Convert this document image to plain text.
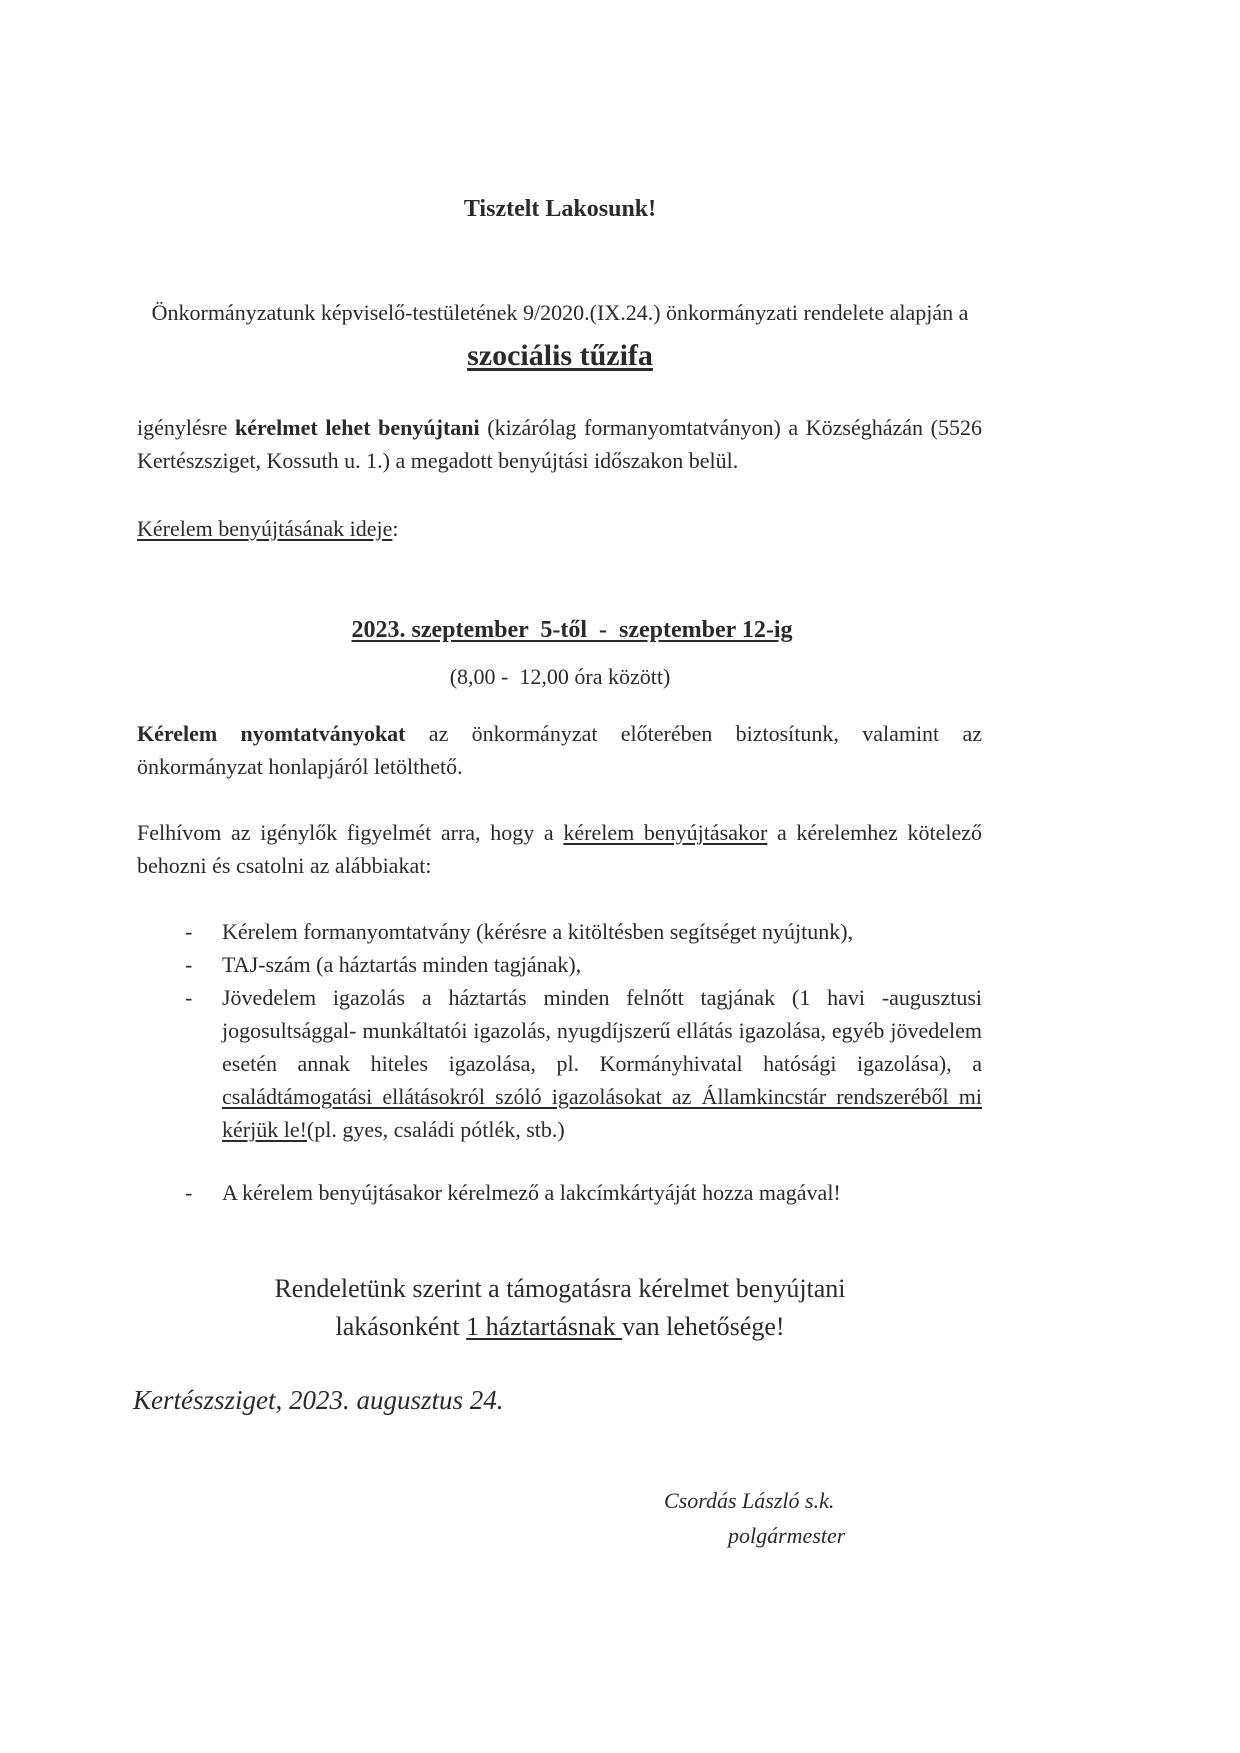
Tisztelt Lakosunk!
Önkormányzatunk képviselő-testületének 9/2020.(IX.24.) önkormányzati rendelete alapján a
szociális tűzifa
igénylésre kérelmet lehet benyújtani (kizárólag formanyomtatványon) a Községházán (5526
Kertészsziget, Kossuth u. 1.) a megadott benyújtási időszakon belül.
Kérelem benyújtásának ideje:

2023. szeptember  5-től  -  szeptember 12-ig

(8,00 -  12,00 óra között)
Kérelem nyomtatványokat az önkormányzat előterében biztosítunk, valamint az
önkormányzat honlapjáról letölthető.
Felhívom az igénylők figyelmét arra, hogy a kérelem benyújtásakor a kérelemhez kötelező
behozni és csatolni az alábbiakat:
- Kérelem formanyomtatvány (kérésre a kitöltésben segítséget nyújtunk),
- TAJ-szám (a háztartás minden tagjának),
- Jövedelem igazolás a háztartás minden felnőtt tagjának (1 havi -augusztusi
jogosultsággal- munkáltatói igazolás, nyugdíjszerű ellátás igazolása, egyéb jövedelem
esetén annak hiteles igazolása, pl. Kormányhivatal hatósági igazolása), a
családtámogatási ellátásokról szóló igazolásokat az Államkincstár rendszeréből mi
kérjük le!(pl. gyes, családi pótlék, stb.)
- A kérelem benyújtásakor kérelmező a lakcímkártyáját hozza magával!
Rendeletünk szerint a támogatásra kérelmet benyújtani
lakásonként 1 háztartásnak van lehetősége!
Kertészsziget, 2023. augusztus 24.
Csordás László s.k.
polgármester
